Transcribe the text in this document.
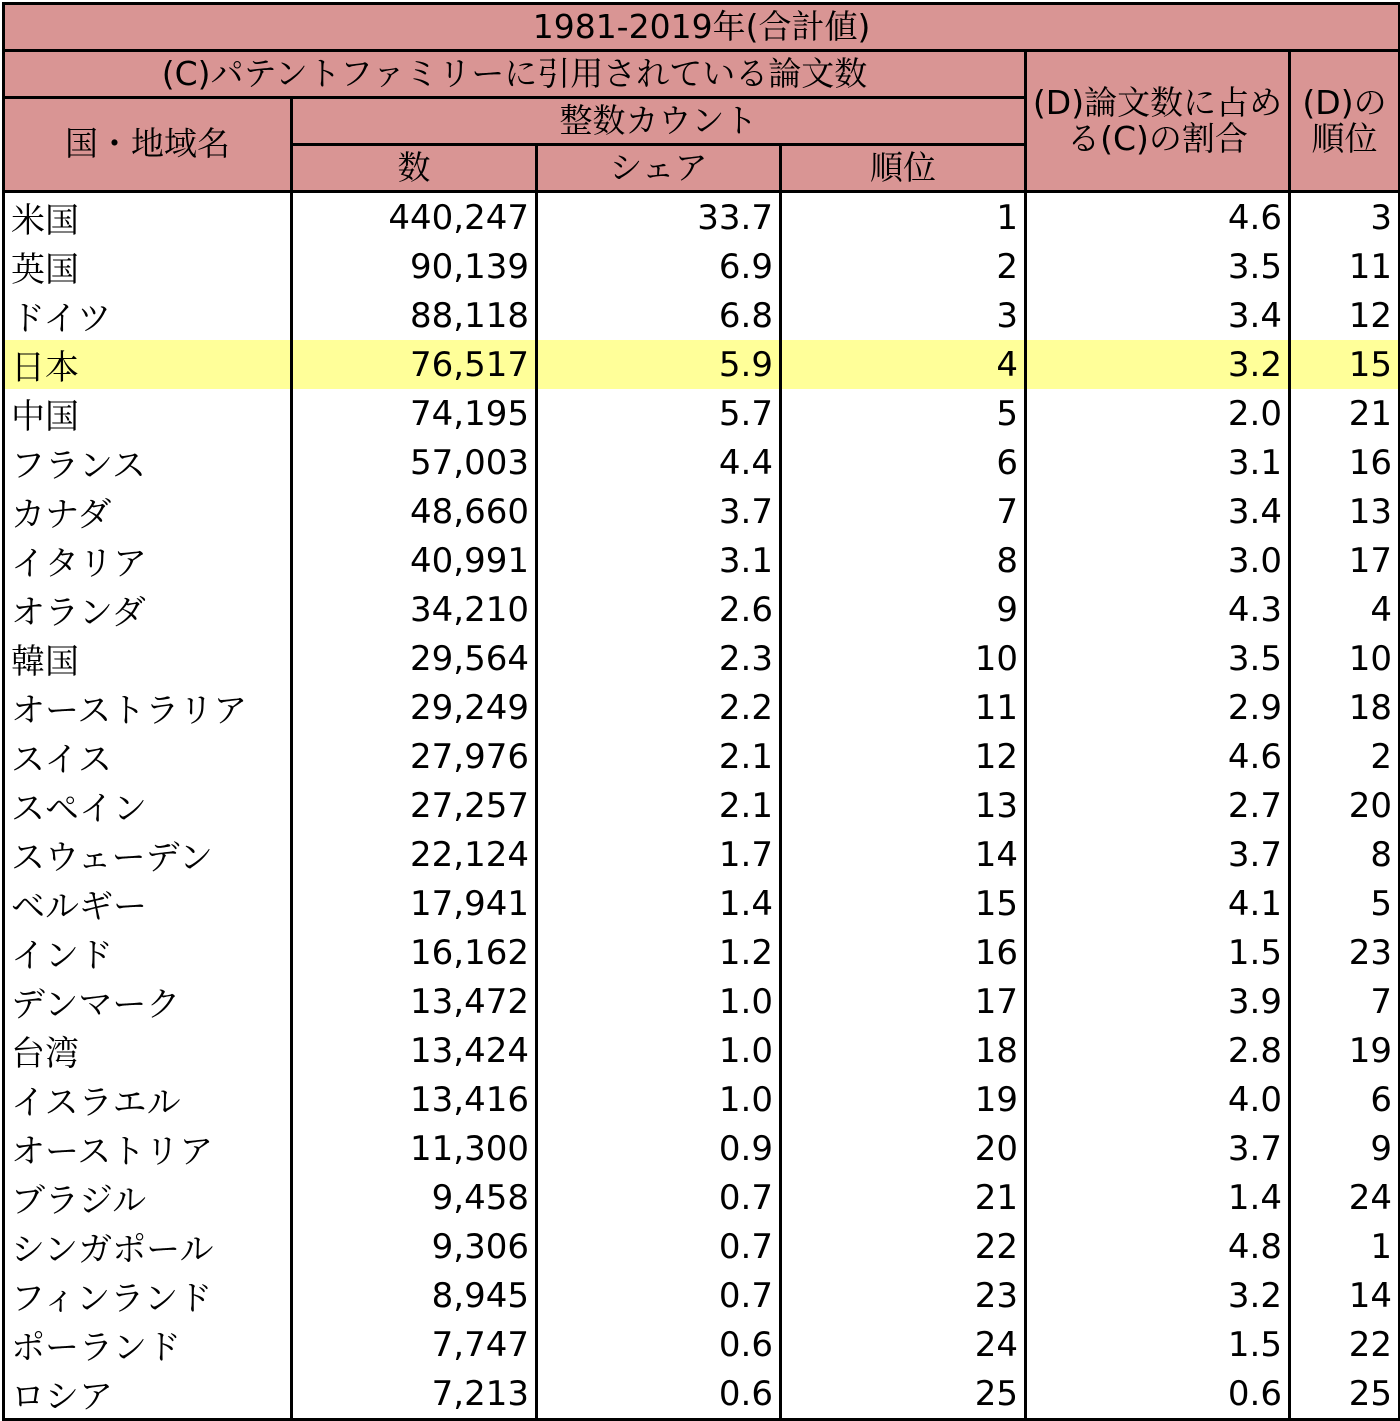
1981-2019年(合計値)					
(C)パテントファミリーに引用されている論文数				(D)論文数に占める(C)の割合	(D)の順位
国・地域名	整数カウント				
	数	シェア	順位		
米国	440,247	33.7	1	4.6	3
英国	90,139	6.9	2	3.5	11
ドイツ	88,118	6.8	3	3.4	12
日本	76,517	5.9	4	3.2	15
中国	74,195	5.7	5	2.0	21
フランス	57,003	4.4	6	3.1	16
カナダ	48,660	3.7	7	3.4	13
イタリア	40,991	3.1	8	3.0	17
オランダ	34,210	2.6	9	4.3	4
韓国	29,564	2.3	10	3.5	10
オーストラリア	29,249	2.2	11	2.9	18
スイス	27,976	2.1	12	4.6	2
スペイン	27,257	2.1	13	2.7	20
スウェーデン	22,124	1.7	14	3.7	8
ベルギー	17,941	1.4	15	4.1	5
インド	16,162	1.2	16	1.5	23
デンマーク	13,472	1.0	17	3.9	7
台湾	13,424	1.0	18	2.8	19
イスラエル	13,416	1.0	19	4.0	6
オーストリア	11,300	0.9	20	3.7	9
ブラジル	9,458	0.7	21	1.4	24
シンガポール	9,306	0.7	22	4.8	1
フィンランド	8,945	0.7	23	3.2	14
ポーランド	7,747	0.6	24	1.5	22
ロシア	7,213	0.6	25	0.6	25
